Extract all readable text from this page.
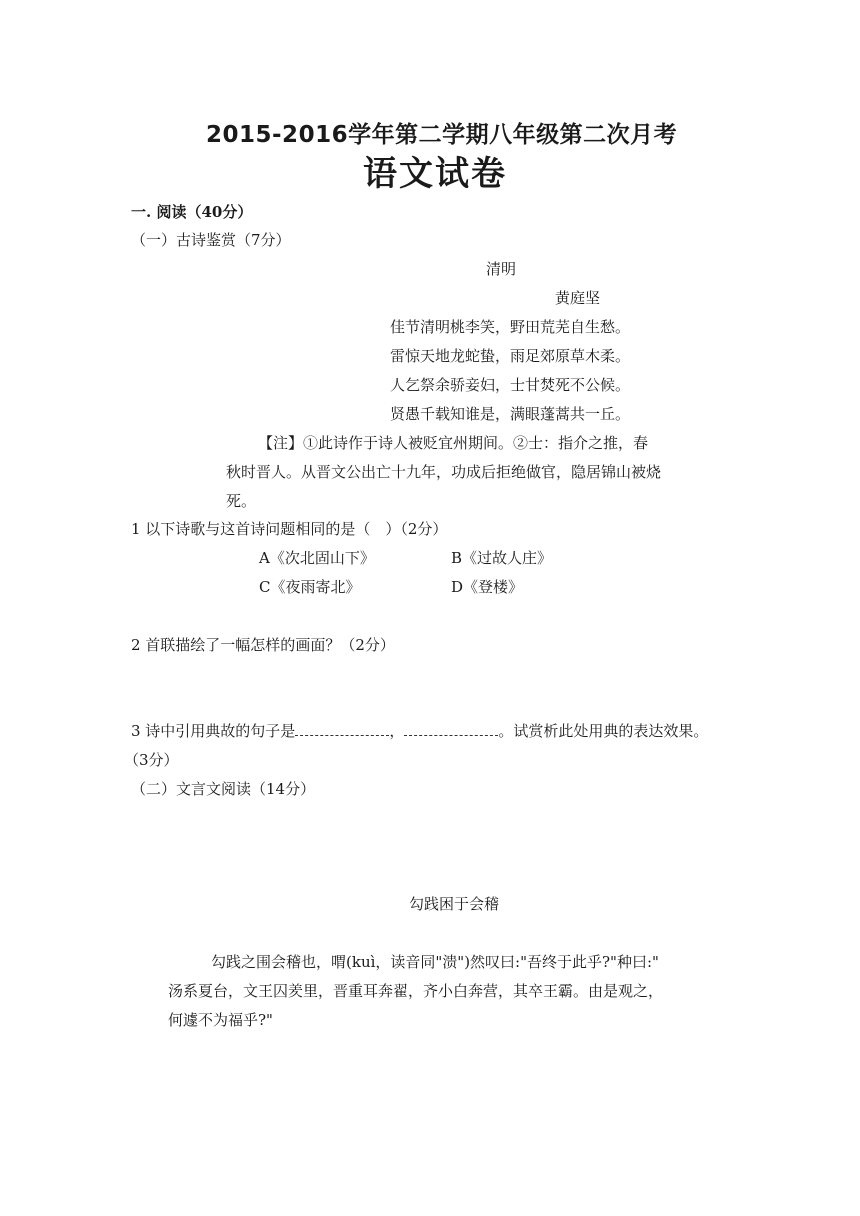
2015-2016学年第二学期八年级第二次月考
语文试卷
一. 阅读（40分）
（一）古诗鉴赏（7分）
清明
黄庭坚
佳节清明桃李笑，野田荒芜自生愁。
雷惊天地龙蛇蛰，雨足郊原草木柔。
人乞祭余骄妾妇，士甘焚死不公候。
贤愚千载知谁是，满眼蓬蒿共一丘。
【注】①此诗作于诗人被贬宜州期间。②士：指介之推，春
秋时晋人。从晋文公出亡十九年，功成后拒绝做官，隐居锦山被烧
死。
1 以下诗歌与这首诗问题相同的是（　）（2分）
A《次北固山下》	B《过故人庄》
C《夜雨寄北》	D《登楼》
2 首联描绘了一幅怎样的画面？（2分）
3 诗中引用典故的句子是	，	。试赏析此处用典的表达效果。
（3分）
（二）文言文阅读（14分）
勾践困于会稽
勾践之围会稽也，喟(kuì，读音同"溃")然叹曰:"吾终于此乎?"种曰:"
汤系夏台，文王囚羑里，晋重耳奔翟，齐小白奔营，其卒王霸。由是观之，
何遽不为福乎?"
